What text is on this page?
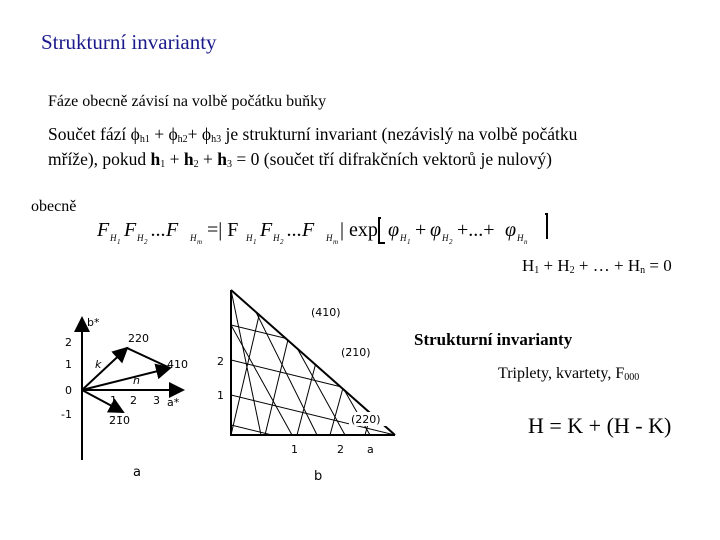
Strukturní invarianty
Fáze obecně závisí na volbě počátku buňky
Součet fází $\phi_{h1} + \phi_{h2}+ \phi_{h3}$ je strukturní invariant (nezávislý na volbě počátku
mříže), pokud $h_1 + h_2 + h_3 = 0$ (součet tří difrakčních vektorů je nulový)
obecně
F H 1
F H 2
...F H m
=| F H 1
F H 2
...F H m
| exp φ H 1
+ φ H 2
+...+ φ H n
$H_1 + H_2$ + … + $H_n = 0$
Strukturní invarianty
Triplety, kvartety, $F_{000}$
H = K + (H - K)
b*
a*
2
1
0
-1
1 2 3
220
410
2̄1̄0
k
h
a
(410)
(2̄10)
(220)
2
1
1	2 a
b
